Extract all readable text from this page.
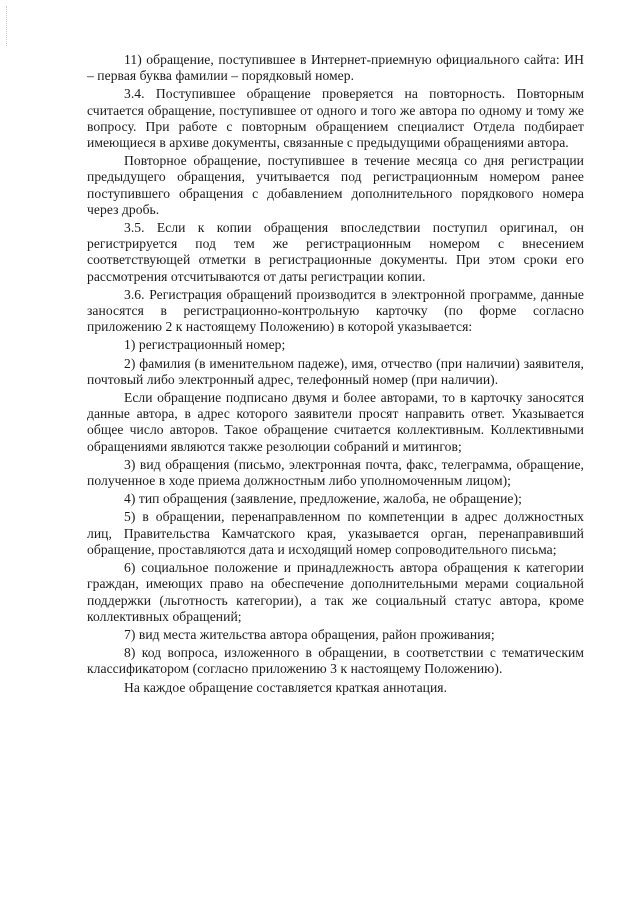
11) обращение, поступившее в Интернет-приемную официального сайта: ИН – первая буква фамилии – порядковый номер.

3.4. Поступившее обращение проверяется на повторность. Повторным считается обращение, поступившее от одного и того же автора по одному и тому же вопросу. При работе с повторным обращением специалист Отдела подбирает имеющиеся в архиве документы, связанные с предыдущими обращениями автора.

Повторное обращение, поступившее в течение месяца со дня регистрации предыдущего обращения, учитывается под регистрационным номером ранее поступившего обращения с добавлением дополнительного порядкового номера через дробь.

3.5. Если к копии обращения впоследствии поступил оригинал, он регистрируется под тем же регистрационным номером с внесением соответствующей отметки в регистрационные документы. При этом сроки его рассмотрения отсчитываются от даты регистрации копии.

3.6. Регистрация обращений производится в электронной программе, данные заносятся в регистрационно-контрольную карточку (по форме согласно приложению 2 к настоящему Положению) в которой указывается:

1) регистрационный номер;

2) фамилия (в именительном падеже), имя, отчество (при наличии) заявителя, почтовый либо электронный адрес, телефонный номер (при наличии).

Если обращение подписано двумя и более авторами, то в карточку заносятся данные автора, в адрес которого заявители просят направить ответ. Указывается общее число авторов. Такое обращение считается коллективным. Коллективными обращениями являются также резолюции собраний и митингов;

3) вид обращения (письмо, электронная почта, факс, телеграмма, обращение, полученное в ходе приема должностным либо уполномоченным лицом);

4) тип обращения (заявление, предложение, жалоба, не обращение);

5) в обращении, перенаправленном по компетенции в адрес должностных лиц, Правительства Камчатского края, указывается орган, перенаправивший обращение, проставляются дата и исходящий номер сопроводительного письма;

6) социальное положение и принадлежность автора обращения к категории граждан, имеющих право на обеспечение дополнительными мерами социальной поддержки (льготность категории), а так же социальный статус автора, кроме коллективных обращений;

7) вид места жительства автора обращения, район проживания;

8) код вопроса, изложенного в обращении, в соответствии с тематическим классификатором (согласно приложению 3 к настоящему Положению).

На каждое обращение составляется краткая аннотация.
